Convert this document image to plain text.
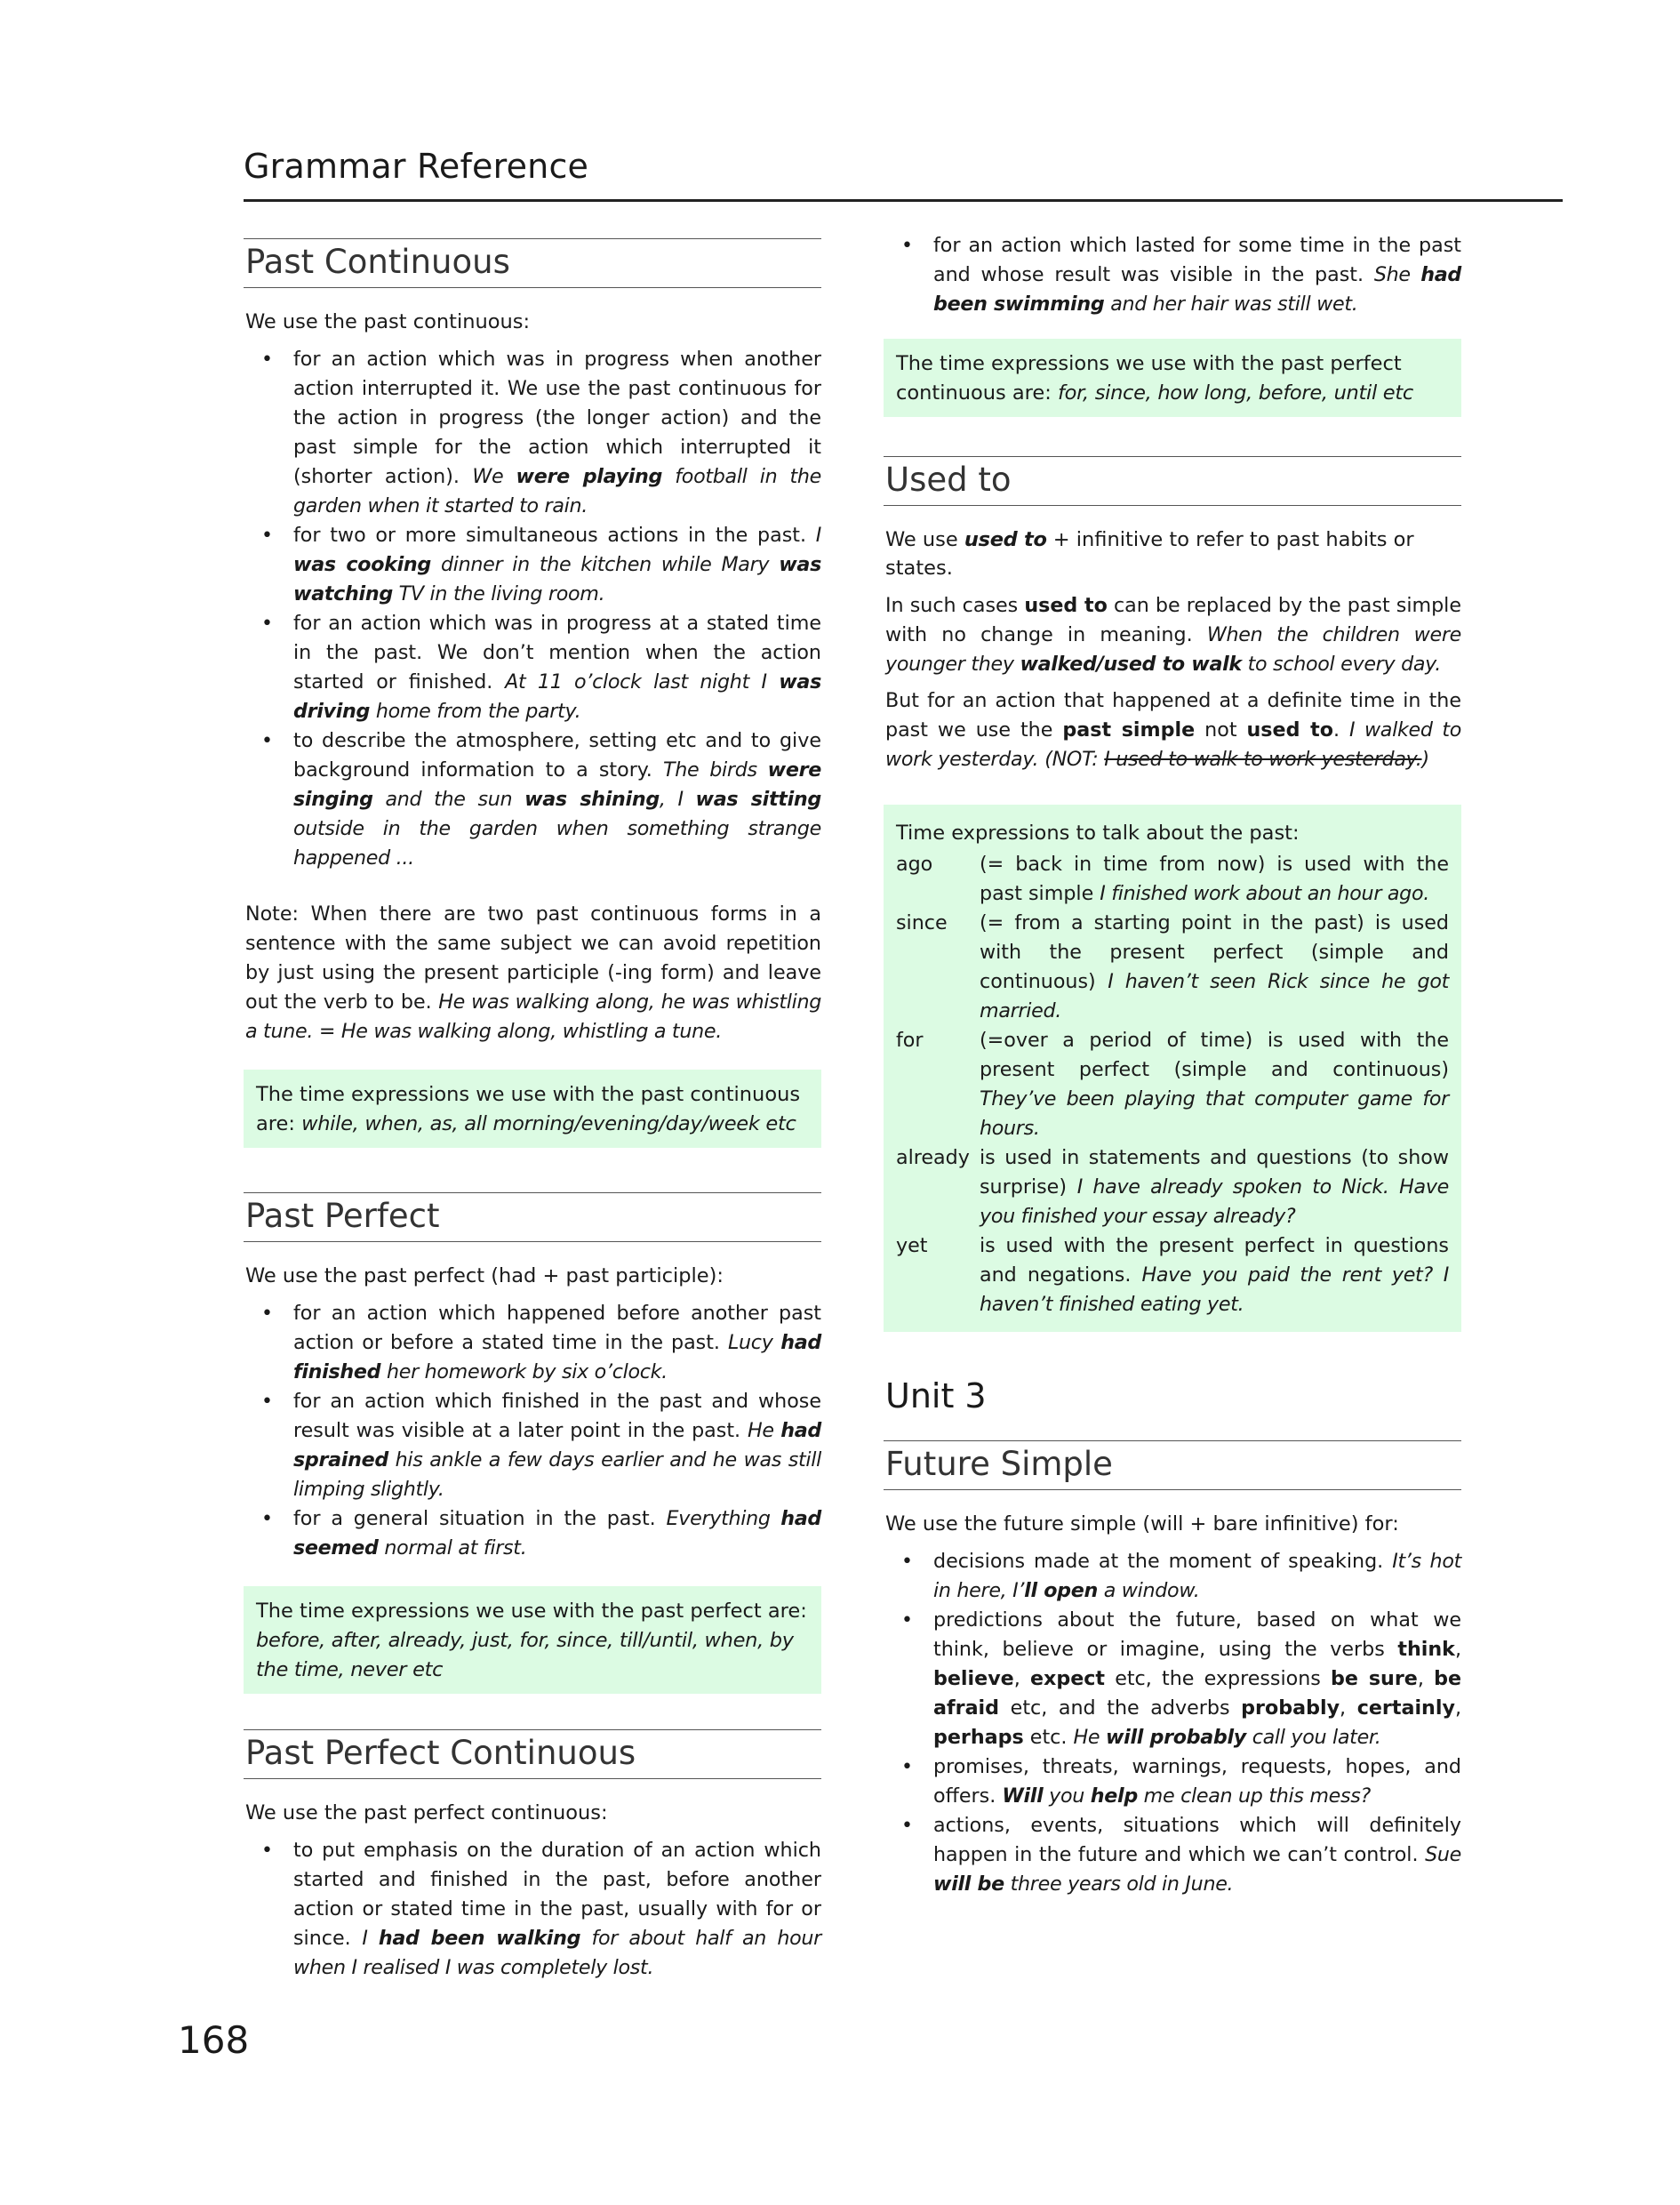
Grammar Reference
Past Continuous
We use the past continuous:
• for an action which was in progress when another action interrupted it. We use the past continuous for the action in progress (the longer action) and the past simple for the action which interrupted it (shorter action). We were playing football in the garden when it started to rain.
• for two or more simultaneous actions in the past. I was cooking dinner in the kitchen while Mary was watching TV in the living room.
• for an action which was in progress at a stated time in the past. We don’t mention when the action started or finished. At 11 o’clock last night I was driving home from the party.
• to describe the atmosphere, setting etc and to give background information to a story. The birds were singing and the sun was shining, I was sitting outside in the garden when something strange happened ...

Note: When there are two past continuous forms in a sentence with the same subject we can avoid repetition by just using the present participle (-ing form) and leave out the verb to be. He was walking along, he was whistling a tune. = He was walking along, whistling a tune.

The time expressions we use with the past continuous are: while, when, as, all morning/evening/day/week etc
Past Perfect
We use the past perfect (had + past participle):
• for an action which happened before another past action or before a stated time in the past. Lucy had finished her homework by six o’clock.
• for an action which finished in the past and whose result was visible at a later point in the past. He had sprained his ankle a few days earlier and he was still limping slightly.
• for a general situation in the past. Everything had seemed normal at first.
The time expressions we use with the past perfect are: before, after, already, just, for, since, till/until, when, by the time, never etc
Past Perfect Continuous
We use the past perfect continuous:
• to put emphasis on the duration of an action which started and finished in the past, before another action or stated time in the past, usually with for or since. I had been walking for about half an hour when I realised I was completely lost.
• for an action which lasted for some time in the past and whose result was visible in the past. She had been swimming and her hair was still wet.
The time expressions we use with the past perfect continuous are: for, since, how long, before, until etc
Used to
We use used to + infinitive to refer to past habits or states.

In such cases used to can be replaced by the past simple with no change in meaning. When the children were younger they walked/used to walk to school every day.

But for an action that happened at a definite time in the past we use the past simple not used to. I walked to work yesterday. (NOT: I used to walk to work yesterday.)

Time expressions to talk about the past:
ago	(= back in time from now) is used with the past simple I finished work about an hour ago.
since	(= from a starting point in the past) is used with the present perfect (simple and continuous) I haven’t seen Rick since he got married.
for	(=over a period of time) is used with the present perfect (simple and continuous) They’ve been playing that computer game for hours.
already	is used in statements and questions (to show surprise) I have already spoken to Nick. Have you finished your essay already?
yet	is used with the present perfect in questions and negations. Have you paid the rent yet? I haven’t finished eating yet.
Unit 3
Future Simple
We use the future simple (will + bare infinitive) for:
• decisions made at the moment of speaking. It’s hot in here, I’ll open a window.
• predictions about the future, based on what we think, believe or imagine, using the verbs think, believe, expect etc, the expressions be sure, be afraid etc, and the adverbs probably, certainly, perhaps etc. He will probably call you later.
• promises, threats, warnings, requests, hopes, and offers. Will you help me clean up this mess?
• actions, events, situations which will definitely happen in the future and which we can’t control. Sue will be three years old in June.
168
